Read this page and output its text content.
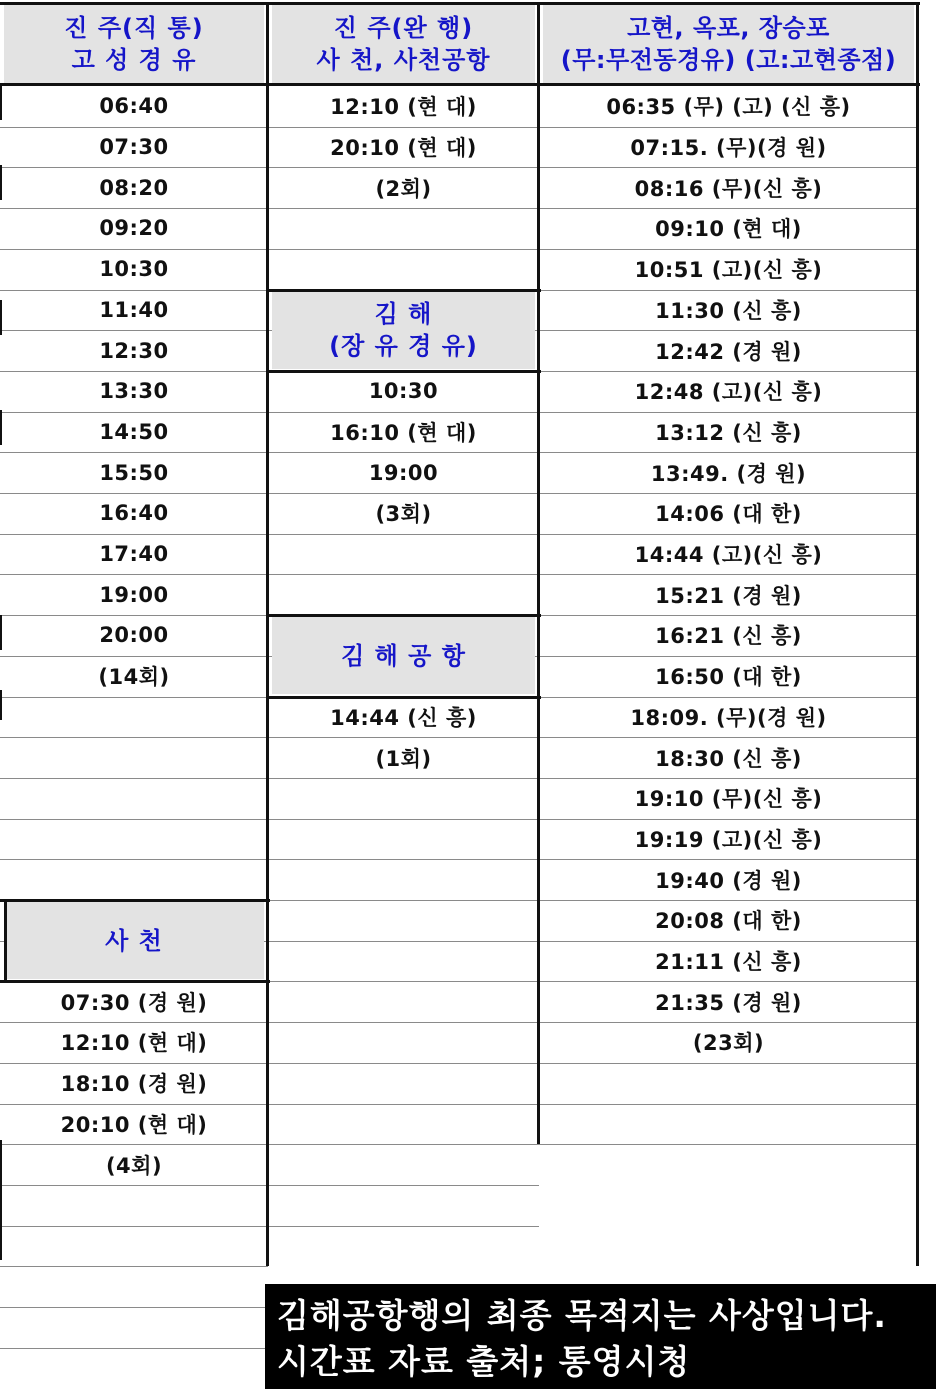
진 주(직 통)
고 성 경 유
진 주(완 행)
사 천, 사천공항
고현, 옥포, 장승포
(무:무전동경유) (고:고현종점)
06:40
07:30
08:20
09:20
10:30
11:40
12:30
13:30
14:50
15:50
16:40
17:40
19:00
20:00
(14회)
12:10 (현 대)
20:10 (현 대)
(2회)
06:35 (무) (고) (신 흥)
07:15. (무)(경 원)
08:16 (무)(신 흥)
09:10 (현 대)
10:51 (고)(신 흥)
11:30 (신 흥)
12:42 (경 원)
12:48 (고)(신 흥)
13:12 (신 흥)
13:49. (경 원)
14:06 (대 한)
14:44 (고)(신 흥)
15:21 (경 원)
16:21 (신 흥)
16:50 (대 한)
18:09. (무)(경 원)
18:30 (신 흥)
19:10 (무)(신 흥)
19:19 (고)(신 흥)
19:40 (경 원)
20:08 (대 한)
21:11 (신 흥)
21:35 (경 원)
(23회)
김 해
(장 유 경 유)
10:30
16:10 (현 대)
19:00
(3회)
김 해 공 항
14:44 (신 흥)
(1회)
사 천
07:30 (경 원)
12:10 (현 대)
18:10 (경 원)
20:10 (현 대)
(4회)
김해공항행의 최종 목적지는 사상입니다.
시간표 자료 출처; 통영시청
